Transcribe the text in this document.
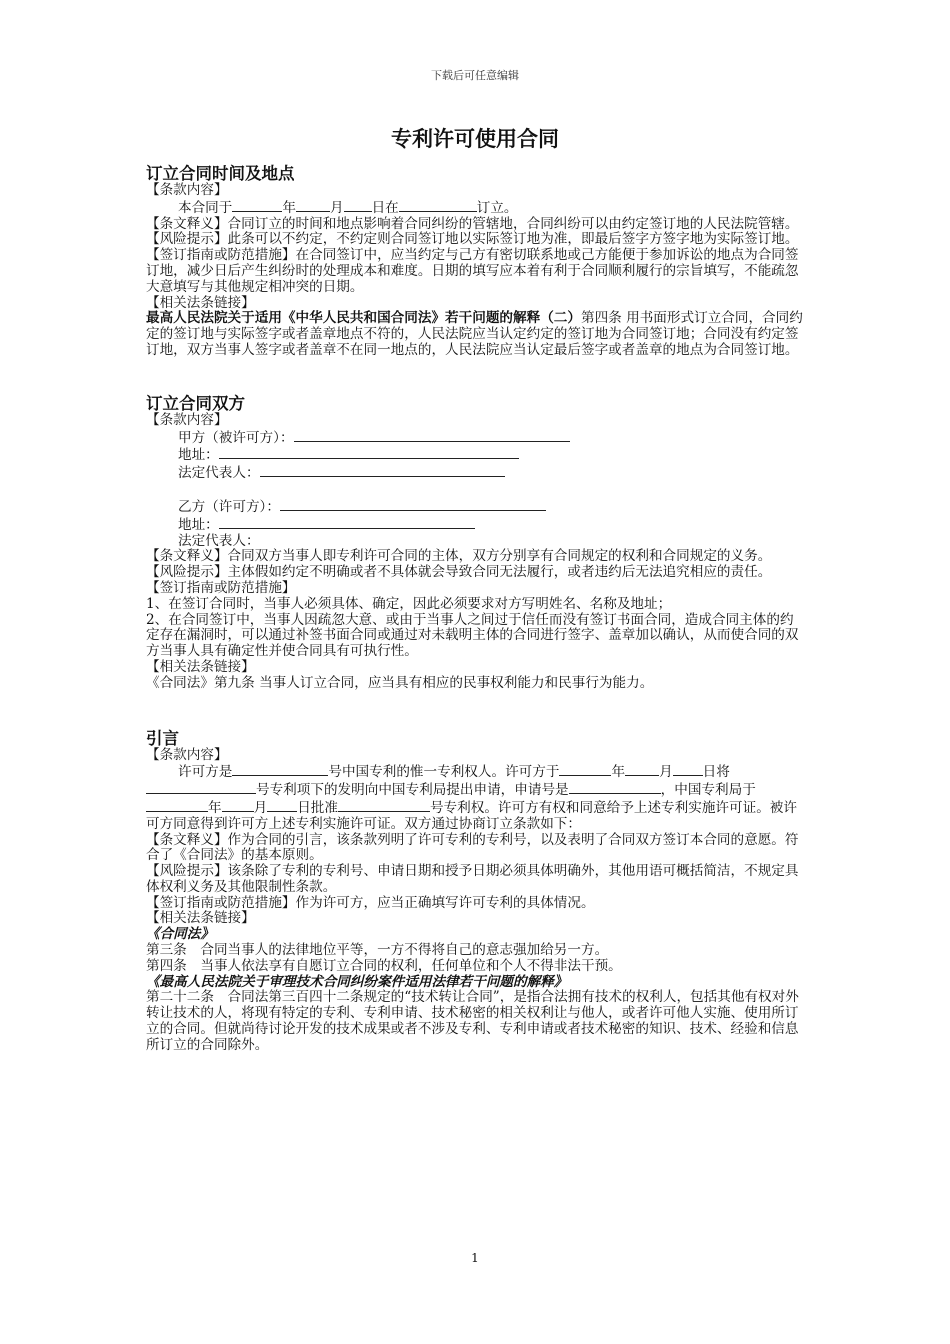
下载后可任意编辑
专利许可使用合同
订立合同时间及地点

【条款内容】

本合同于	年	月 日在	订立。

【条文释义】合同订立的时间和地点影响着合同纠纷的管辖地，合同纠纷可以由约定签订地的人民法院管辖。

【风险提示】此条可以不约定，不约定则合同签订地以实际签订地为准，即最后签字方签字地为实际签订地。

【签订指南或防范措施】在合同签订中，应当约定与己方有密切联系地或己方能便于参加诉讼的地点为合同签订地，减少日后产生纠纷时的处理成本和难度。日期的填写应本着有利于合同顺利履行的宗旨填写，不能疏忽大意填写与其他规定相冲突的日期。

【相关法条链接】

最高人民法院关于适用《中华人民共和国合同法》若干问题的解释（二）第四条 用书面形式订立合同，合同约定的签订地与实际签字或者盖章地点不符的，人民法院应当认定约定的签订地为合同签订地；合同没有约定签订地，双方当事人签字或者盖章不在同一地点的，人民法院应当认定最后签字或者盖章的地点为合同签订地。

订立合同双方

【条款内容】

甲方（被许可方）：

地址：

法定代表人：

乙方（许可方）：

地址：

法定代表人：

【条文释义】合同双方当事人即专利许可合同的主体，双方分别享有合同规定的权利和合同规定的义务。

【风险提示】主体假如约定不明确或者不具体就会导致合同无法履行，或者违约后无法追究相应的责任。

【签订指南或防范措施】

1、在签订合同时，当事人必须具体、确定，因此必须要求对方写明姓名、名称及地址；

2、在合同签订中，当事人因疏忽大意、或由于当事人之间过于信任而没有签订书面合同，造成合同主体的约定存在漏洞时，可以通过补签书面合同或通过对未载明主体的合同进行签字、盖章加以确认，从而使合同的双方当事人具有确定性并使合同具有可执行性。

【相关法条链接】

《合同法》第九条 当事人订立合同，应当具有相应的民事权利能力和民事行为能力。

引言

【条款内容】

许可方是	号中国专利的惟一专利权人。许可方于	年	月 日将号专利项下的发明向中国专利局提出申请，申请号是	，中国专利局于年 月 日批准	号专利权。许可方有权和同意给予上述专利实施许可证。被许可方同意得到许可方上述专利实施许可证。双方通过协商订立条款如下：

【条文释义】作为合同的引言，该条款列明了许可专利的专利号，以及表明了合同双方签订本合同的意愿。符合了《合同法》的基本原则。

【风险提示】该条除了专利的专利号、申请日期和授予日期必须具体明确外，其他用语可概括简洁，不规定具体权利义务及其他限制性条款。

【签订指南或防范措施】作为许可方，应当正确填写许可专利的具体情况。

【相关法条链接】

《合同法》

第三条　合同当事人的法律地位平等，一方不得将自己的意志强加给另一方。

第四条　当事人依法享有自愿订立合同的权利，任何单位和个人不得非法干预。

《最高人民法院关于审理技术合同纠纷案件适用法律若干问题的解释》

第二十二条　合同法第三百四十二条规定的“技术转让合同”，是指合法拥有技术的权利人，包括其他有权对外转让技术的人，将现有特定的专利、专利申请、技术秘密的相关权利让与他人，或者许可他人实施、使用所订立的合同。但就尚待讨论开发的技术成果或者不涉及专利、专利申请或者技术秘密的知识、技术、经验和信息所订立的合同除外。

1
